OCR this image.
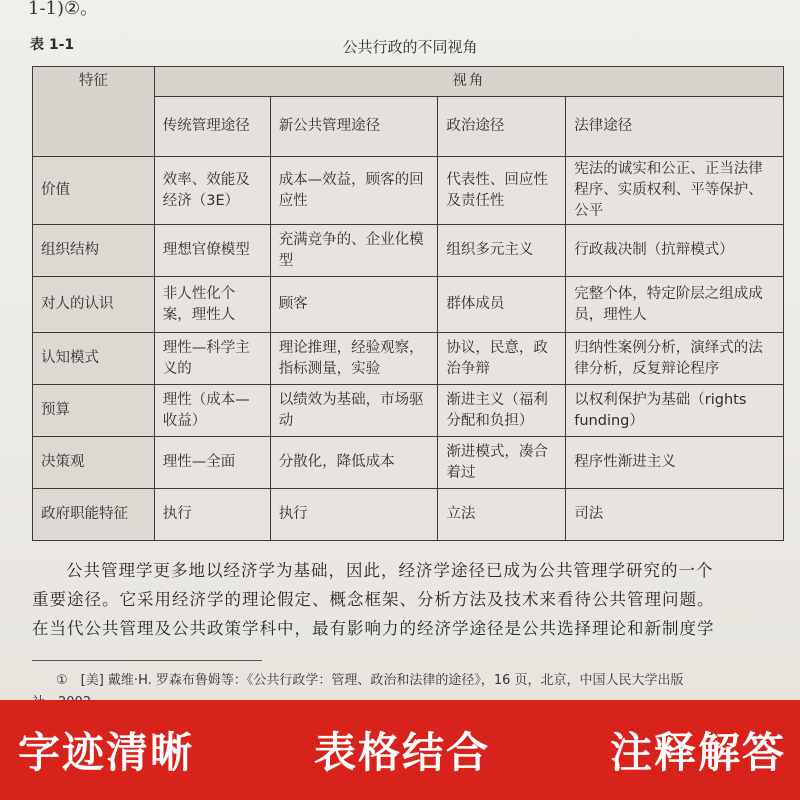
1-1)②。
表 1-1	公共行政的不同视角
特征	视角			
	传统管理途径	新公共管理途径	政治途径	法律途径
价值	效率、效能及经济（3E）	成本—效益，顾客的回应性	代表性、回应性及责任性	宪法的诚实和公正、正当法律程序、实质权利、平等保护、公平
组织结构	理想官僚模型	充满竞争的、企业化模型	组织多元主义	行政裁决制（抗辩模式）
对人的认识	非人性化个案，理性人	顾客	群体成员	完整个体，特定阶层之组成成员，理性人
认知模式	理性—科学主义的	理论推理，经验观察，指标测量，实验	协议，民意，政治争辩	归纳性案例分析，演绎式的法律分析，反复辩论程序
预算	理性（成本—收益）	以绩效为基础，市场驱动	渐进主义（福利分配和负担）	以权利保护为基础（rights funding）
决策观	理性—全面	分散化，降低成本	渐进模式，凑合着过	程序性渐进主义
政府职能特征	执行	执行	立法	司法
公共管理学更多地以经济学为基础，因此，经济学途径已成为公共管理学研究的一个
重要途径。它采用经济学的理论假定、概念框架、分析方法及技术来看待公共管理问题。
在当代公共管理及公共政策学科中，最有影响力的经济学途径是公共选择理论和新制度学
①　[美] 戴维·H. 罗森布鲁姆等：《公共行政学：管理、政治和法律的途径》，16 页，北京，中国人民大学出版
字迹清晰	表格结合	注释解答
